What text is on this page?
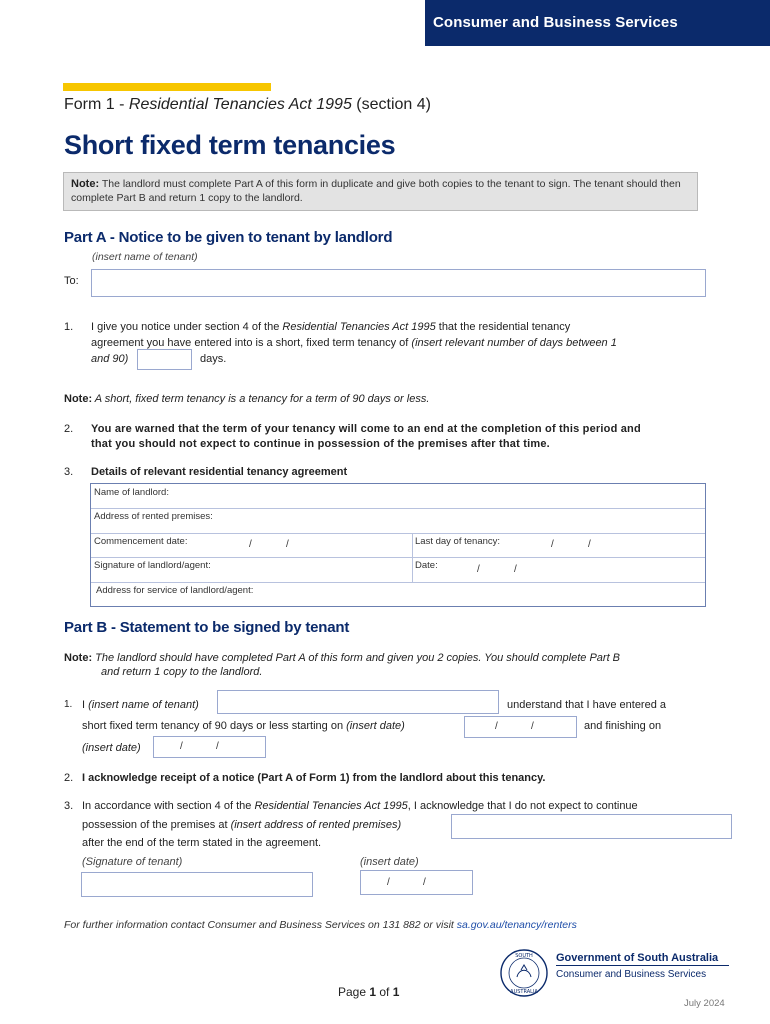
Consumer and Business Services
Form 1 - Residential Tenancies Act 1995 (section 4)
Short fixed term tenancies
Note: The landlord must complete Part A of this form in duplicate and give both copies to the tenant to sign. The tenant should then complete Part B and return 1 copy to the landlord.
Part A - Notice to be given to tenant by landlord
(insert name of tenant)
To:
1. I give you notice under section 4 of the Residential Tenancies Act 1995 that the residential tenancy
agreement you have entered into is a short, fixed term tenancy of (insert relevant number of days between 1
and 90)	days.
Note: A short, fixed term tenancy is a tenancy for a term of 90 days or less.
2. You are warned that the term of your tenancy will come to an end at the completion of this period and
that you should not expect to continue in possession of the premises after that time.
3. Details of relevant residential tenancy agreement
Name of landlord:
Address of rented premises:
Commencement date:	/	/	Last day of tenancy:	/	/
Signature of landlord/agent:	Date:	/	/
Address for service of landlord/agent:
Part B - Statement to be signed by tenant
Note: The landlord should have completed Part A of this form and given you 2 copies. You should complete Part B
and return 1 copy to the landlord.
1. I (insert name of tenant)	understand that I have entered a
short fixed term tenancy of 90 days or less starting on (insert date)	/	/	and finishing on
(insert date)	/	/
2. I acknowledge receipt of a notice (Part A of Form 1) from the landlord about this tenancy.
3. In accordance with section 4 of the Residential Tenancies Act 1995, I acknowledge that I do not expect to continue
possession of the premises at (insert address of rented premises)
after the end of the term stated in the agreement.
(Signature of tenant)	(insert date)
/	/
For further information contact Consumer and Business Services on 131 882 or visit sa.gov.au/tenancy/renters
SOUTH
AUSTRALIA
Government of South Australia
Consumer and Business Services
Page 1 of 1
July 2024
